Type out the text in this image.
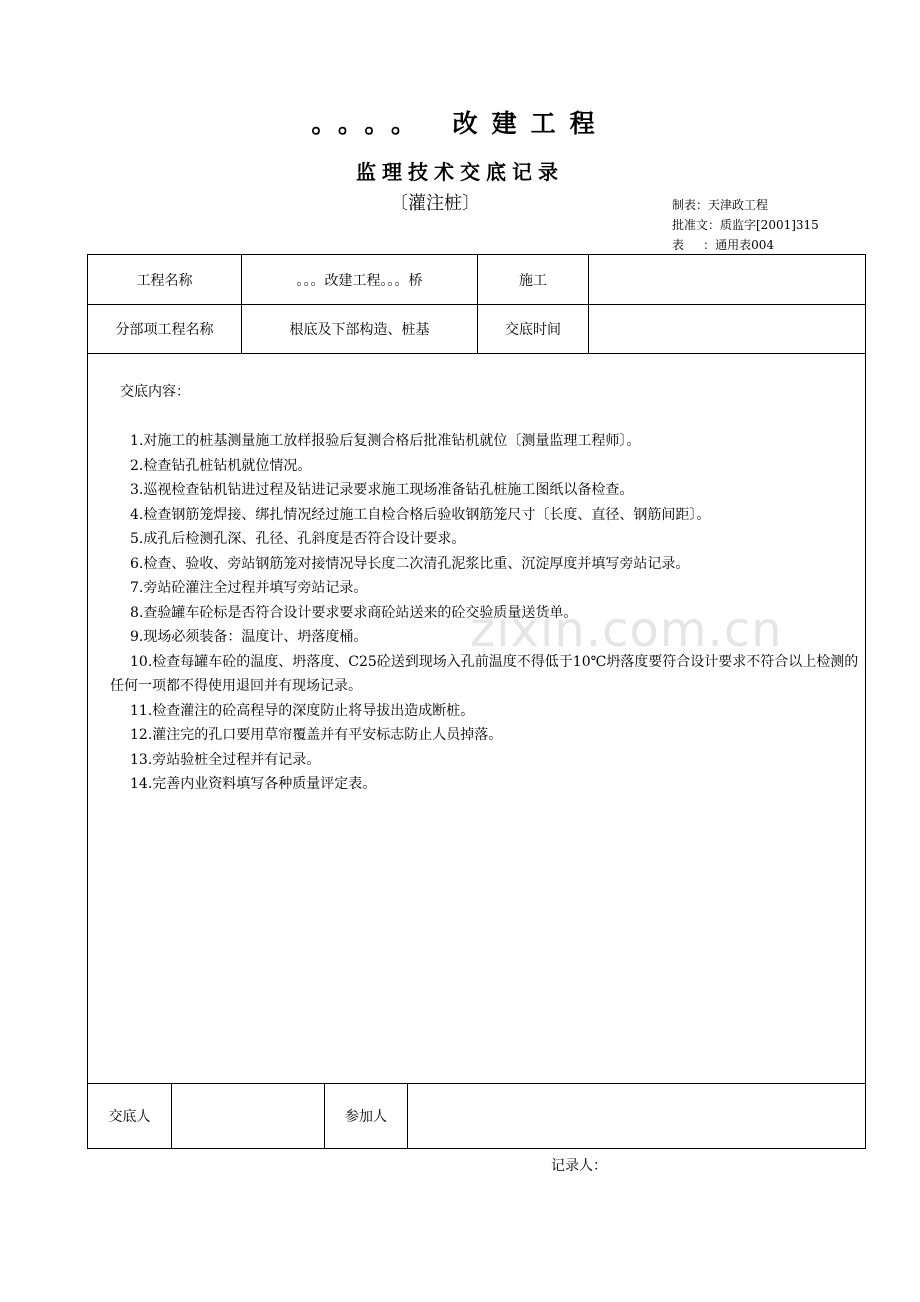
。。。。 改建工程
监理技术交底记录
〔灌注桩〕	制表：天津政工程
批准文：质监字[2001]315
表     ：通用表004
工程名称	。。。改建工程。。。桥	施工
分部项工程名称	根底及下部构造、桩基	交底时间
交底内容：
1.对施工的桩基测量施工放样报验后复测合格后批准钻机就位〔测量监理工程师〕。
2.检查钻孔桩钻机就位情况。
3.巡视检查钻机钻进过程及钻进记录要求施工现场准备钻孔桩施工图纸以备检查。
4.检查钢筋笼焊接、绑扎情况经过施工自检合格后验收钢筋笼尺寸〔长度、直径、钢筋间距〕。
5.成孔后检测孔深、孔径、孔斜度是否符合设计要求。
6.检查、验收、旁站钢筋笼对接情况导长度二次清孔泥浆比重、沉淀厚度并填写旁站记录。
7.旁站砼灌注全过程并填写旁站记录。
8.查验罐车砼标是否符合设计要求要求商砼站送来的砼交验质量送货单。
9.现场必须装备：温度计、坍落度桶。
10.检查每罐车砼的温度、坍落度、C25砼送到现场入孔前温度不得低于10℃坍落度要符合设计要求不符合以上检测的任何一项都不得使用退回并有现场记录。
11.检查灌注的砼高程导的深度防止将导拔出造成断桩。
12.灌注完的孔口要用草帘覆盖并有平安标志防止人员掉落。
13.旁站验桩全过程并有记录。
14.完善内业资料填写各种质量评定表。
交底人	参加人
记录人：
zixin.com.cn
